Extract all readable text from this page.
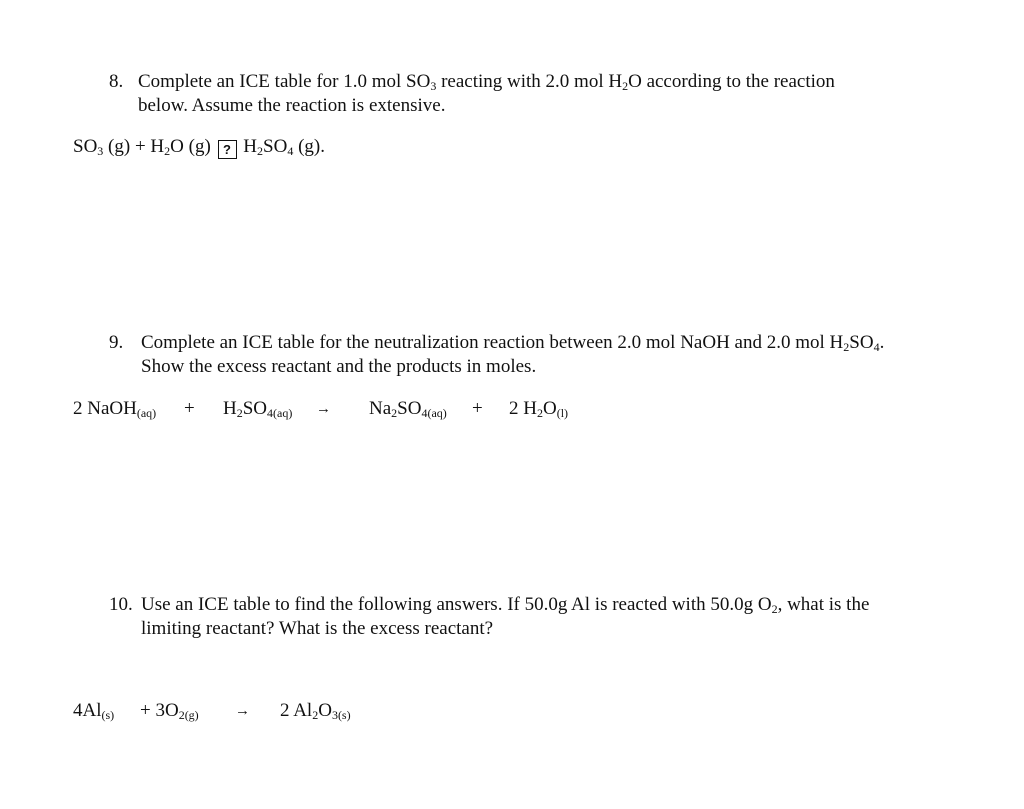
8. Complete an ICE table for 1.0 mol $SO_3$ reacting with 2.0 mol $H_2O$ according to the reaction
below. Assume the reaction is extensive.
$SO_3$ $(g) + H_2O$ (g) ? $H_2SO_4$ (g).
9. Complete an ICE table for the neutralization reaction between 2.0 mol NaOH and 2.0 mol $H_2SO_4$.
Show the excess reactant and the products in moles.
2 NaOH$_{(aq)}$ + $H_2SO_{4(aq)} \to Na_2SO_{4(aq)} + 2$ $H_2O_{(l)}$
10. Use an ICE table to find the following answers. If 50.0g Al is reacted with 50.0g $O_2$, what is the
limiting reactant? What is the excess reactant?
$4Al_{(s)} + 3O_{2(g)} \to 2$ $Al_2O_{3(s)}$
